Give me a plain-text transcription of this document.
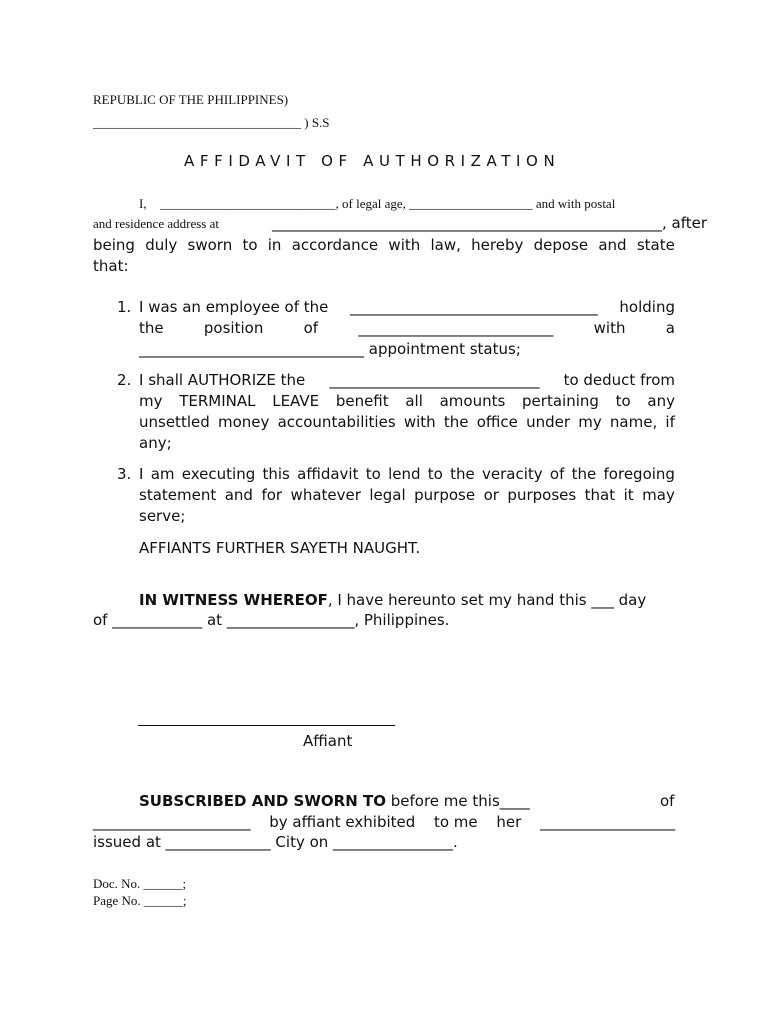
REPUBLIC OF THE PHILIPPINES)
________________________________ ) S.S
AFFIDAVIT OF AUTHORIZATION
I, ___________________________, of legal age, ___________________ and with postal
and residence address at	____________________________________________________, after
being duly sworn to in accordance with law, hereby depose and state
that:
1. I was an employee of the _________________________________ holding
the	position	of	__________________________	with	a
______________________________ appointment status;
2. I shall AUTHORIZE the ____________________________ to deduct from
my TERMINAL LEAVE benefit all amounts pertaining to any
unsettled money accountabilities with the office under my name, if
any;
3. I am executing this affidavit to lend to the veracity of the foregoing
statement and for whatever legal purpose or purposes that it may
serve;
AFFIANTS FURTHER SAYETH NAUGHT.
IN WITNESS WHEREOF, I have hereunto set my hand this ___ day
of ____________ at _________________, Philippines.
Affiant
SUBSCRIBED AND SWORN TO before me this____	of
_____________________ by affiant exhibited to me her __________________
issued at ______________ City on ________________.
Doc. No. ______;
Page No. ______;
